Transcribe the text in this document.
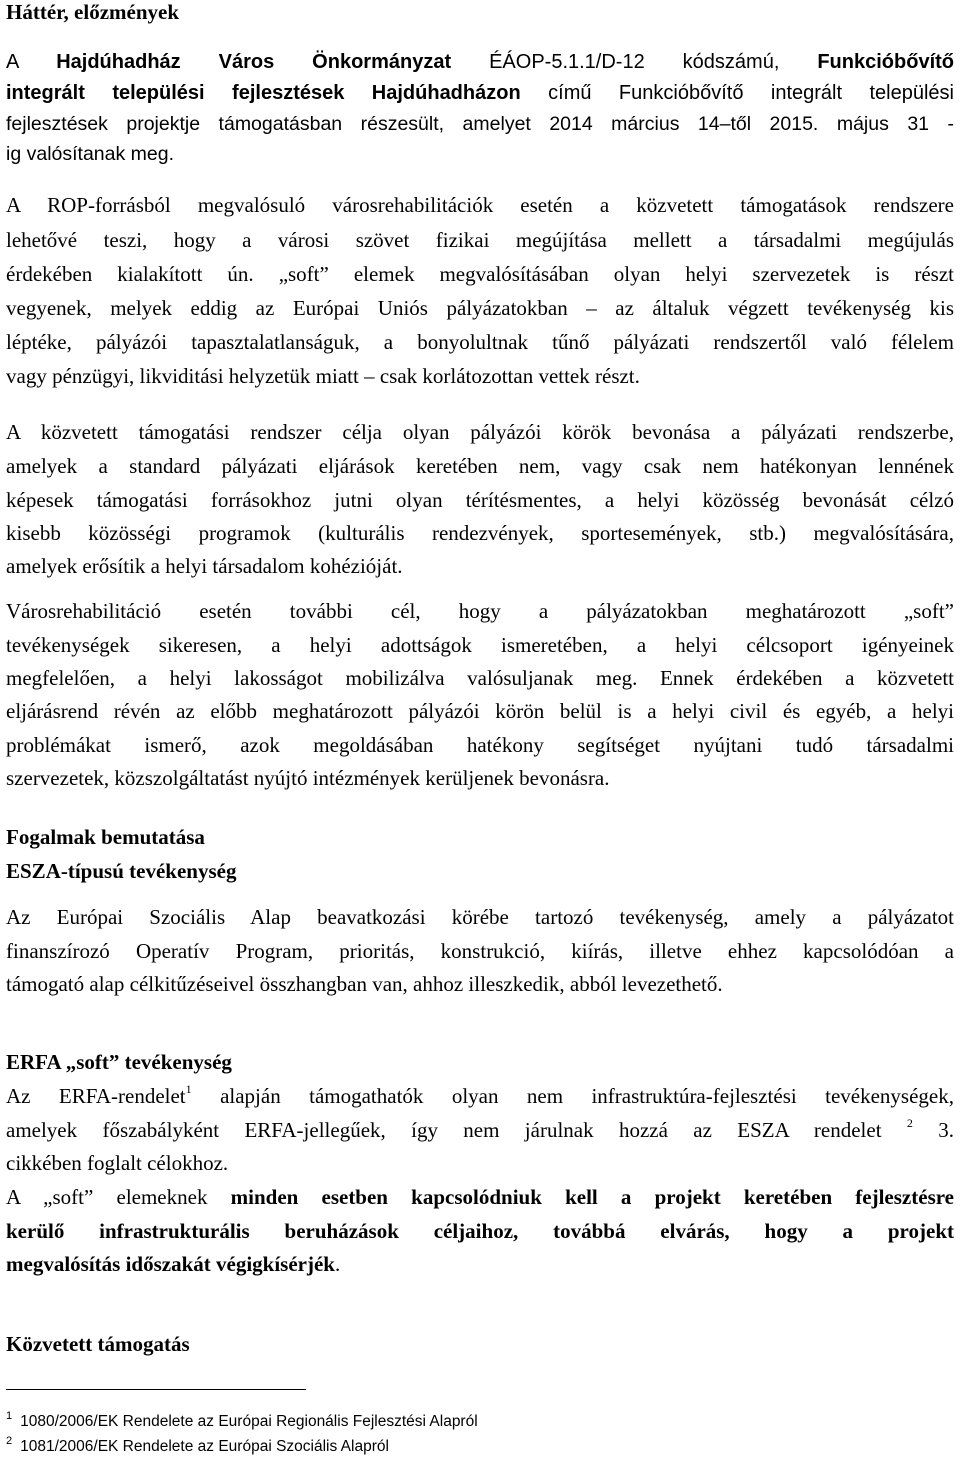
Háttér, előzmények
A Hajdúhadház Város Önkormányzat ÉÁOP-5.1.1/D-12 kódszámú, Funkcióbővítő
integrált települési fejlesztések Hajdúhadházon című Funkcióbővítő integrált települési
fejlesztések projektje támogatásban részesült, amelyet 2014 március 14–től 2015. május 31 -
ig valósítanak meg.
A ROP-forrásból megvalósuló városrehabilitációk esetén a közvetett támogatások rendszere
lehetővé teszi, hogy a városi szövet fizikai megújítása mellett a társadalmi megújulás
érdekében kialakított ún. „soft” elemek megvalósításában olyan helyi szervezetek is részt
vegyenek, melyek eddig az Európai Uniós pályázatokban – az általuk végzett tevékenység kis
léptéke, pályázói tapasztalatlanságuk, a bonyolultnak tűnő pályázati rendszertől való félelem
vagy pénzügyi, likviditási helyzetük miatt – csak korlátozottan vettek részt.
A közvetett támogatási rendszer célja olyan pályázói körök bevonása a pályázati rendszerbe,
amelyek a standard pályázati eljárások keretében nem, vagy csak nem hatékonyan lennének
képesek támogatási forrásokhoz jutni olyan térítésmentes, a helyi közösség bevonását célzó
kisebb közösségi programok (kulturális rendezvények, sportesemények, stb.) megvalósítására,
amelyek erősítik a helyi társadalom kohézióját.
Városrehabilitáció esetén további cél, hogy a pályázatokban meghatározott „soft”
tevékenységek sikeresen, a helyi adottságok ismeretében, a helyi célcsoport igényeinek
megfelelően, a helyi lakosságot mobilizálva valósuljanak meg. Ennek érdekében a közvetett
eljárásrend révén az előbb meghatározott pályázói körön belül is a helyi civil és egyéb, a helyi
problémákat ismerő, azok megoldásában hatékony segítséget nyújtani tudó társadalmi
szervezetek, közszolgáltatást nyújtó intézmények kerüljenek bevonásra.
Fogalmak bemutatása
ESZA-típusú tevékenység
Az Európai Szociális Alap beavatkozási körébe tartozó tevékenység, amely a pályázatot
finanszírozó Operatív Program, prioritás, konstrukció, kiírás, illetve ehhez kapcsolódóan a
támogató alap célkitűzéseivel összhangban van, ahhoz illeszkedik, abból levezethető.
ERFA „soft” tevékenység
Az ERFA-rendelet$^1$ alapján támogathatók olyan nem infrastruktúra-fejlesztési tevékenységek,
amelyek főszabályként ERFA-jellegűek, így nem járulnak hozzá az ESZA rendelet $^2$ 3.
cikkében foglalt célokhoz.
A „soft” elemeknek minden esetben kapcsolódniuk kell a projekt keretében fejlesztésre
kerülő infrastrukturális beruházások céljaihoz, továbbá elvárás, hogy a projekt
megvalósítás időszakát végigkísérjék.
Közvetett támogatás
$^1$ 1080/2006/EK Rendelete az Európai Regionális Fejlesztési Alapról
$^2$ 1081/2006/EK Rendelete az Európai Szociális Alapról
